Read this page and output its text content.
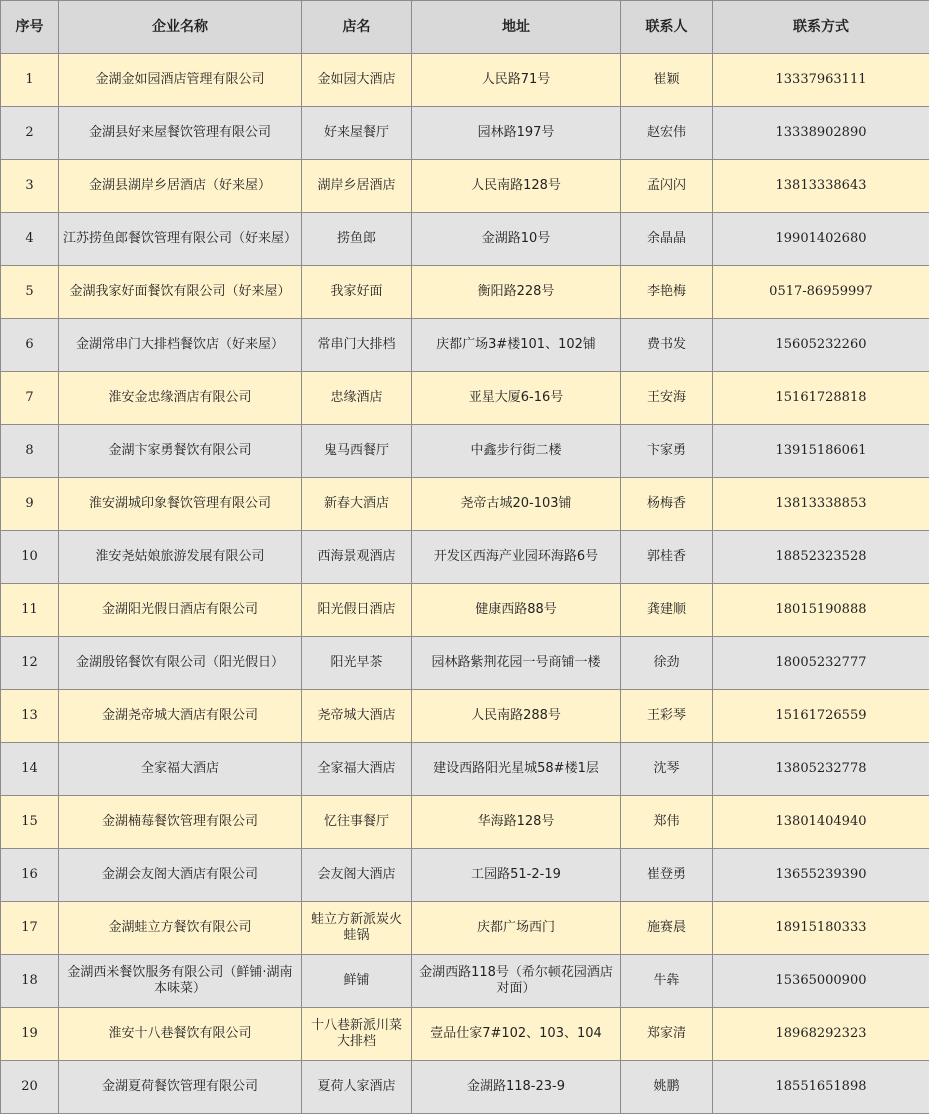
序号	企业名称	店名	地址	联系人	联系方式
1	金湖金如园酒店管理有限公司	金如园大酒店	人民路71号	崔颖	13337963111
2	金湖县好来屋餐饮管理有限公司	好来屋餐厅	园林路197号	赵宏伟	13338902890
3	金湖县湖岸乡居酒店（好来屋）	湖岸乡居酒店	人民南路128号	孟闪闪	13813338643
4	江苏捞鱼郎餐饮管理有限公司（好来屋）	捞鱼郎	金湖路10号	余晶晶	19901402680
5	金湖我家好面餐饮有限公司（好来屋）	我家好面	衡阳路228号	李艳梅	0517-86959997
6	金湖常串门大排档餐饮店（好来屋）	常串门大排档	庆都广场3#楼101、102铺	费书发	15605232260
7	淮安金忠缘酒店有限公司	忠缘酒店	亚星大厦6-16号	王安海	15161728818
8	金湖卞家勇餐饮有限公司	鬼马西餐厅	中鑫步行街二楼	卞家勇	13915186061
9	淮安湖城印象餐饮管理有限公司	新春大酒店	尧帝古城20-103铺	杨梅香	13813338853
10	淮安尧姑娘旅游发展有限公司	西海景观酒店	开发区西海产业园环海路6号	郭桂香	18852323528
11	金湖阳光假日酒店有限公司	阳光假日酒店	健康西路88号	龚建顺	18015190888
12	金湖殷铭餐饮有限公司（阳光假日）	阳光早茶	园林路紫荆花园一号商铺一楼	徐劲	18005232777
13	金湖尧帝城大酒店有限公司	尧帝城大酒店	人民南路288号	王彩琴	15161726559
14	全家福大酒店	全家福大酒店	建设西路阳光星城58#楼1层	沈琴	13805232778
15	金湖楠莓餐饮管理有限公司	忆往事餐厅	华海路128号	郑伟	13801404940
16	金湖会友阁大酒店有限公司	会友阁大酒店	工园路51-2-19	崔登勇	13655239390
17	金湖蛙立方餐饮有限公司	蛙立方新派炭火蛙锅	庆都广场西门	施赛晨	18915180333
18	金湖西米餐饮服务有限公司（鲜铺·湖南本味菜）	鲜铺	金湖西路118号（希尔顿花园酒店对面）	牛犇	15365000900
19	淮安十八巷餐饮有限公司	十八巷新派川菜大排档	壹品仕家7#102、103、104	郑家清	18968292323
20	金湖夏荷餐饮管理有限公司	夏荷人家酒店	金湖路118-23-9	姚鹏	18551651898
